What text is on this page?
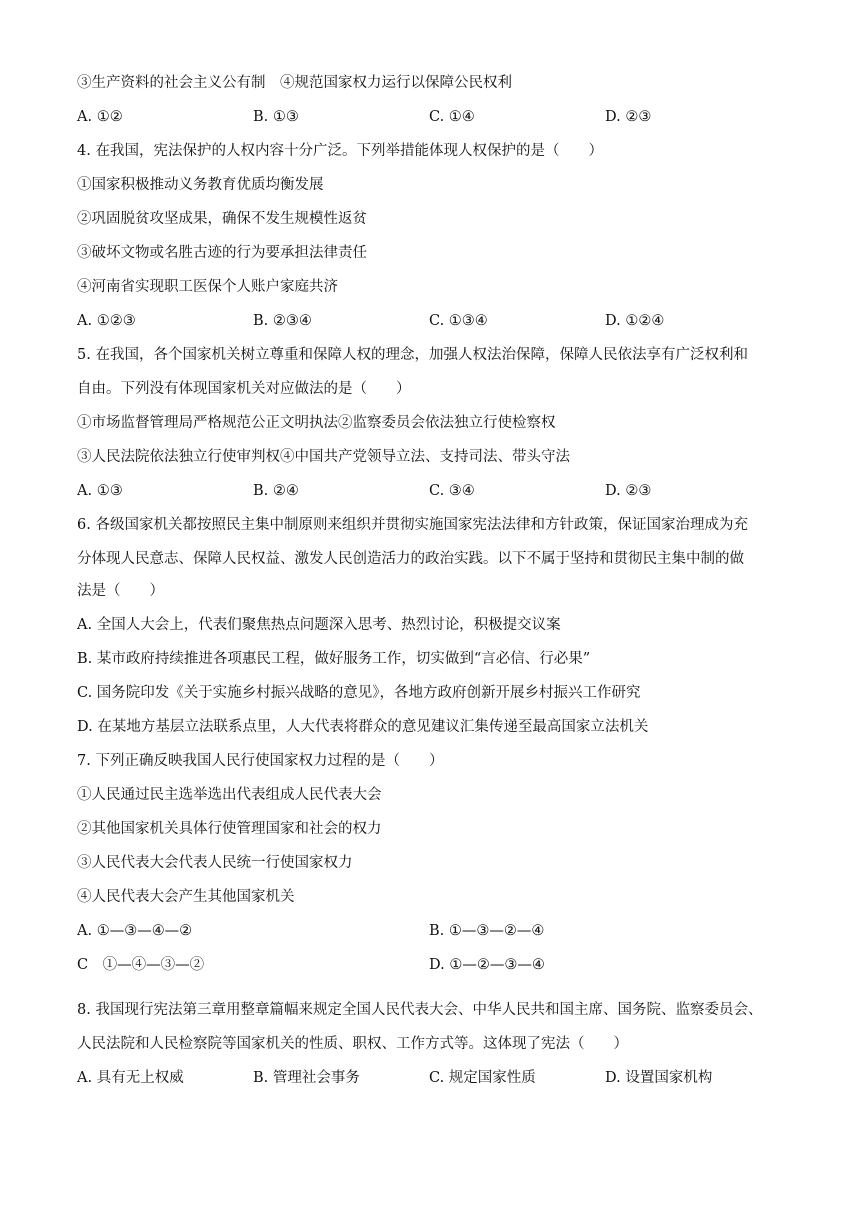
③生产资料的社会主义公有制　④规范国家权力运行以保障公民权利
A. ①②	B. ①③	C. ①④	D. ②③
4. 在我国，宪法保护的人权内容十分广泛。下列举措能体现人权保护的是（　　）
①国家积极推动义务教育优质均衡发展
②巩固脱贫攻坚成果，确保不发生规模性返贫
③破坏文物或名胜古迹的行为要承担法律责任
④河南省实现职工医保个人账户家庭共济
A. ①②③	B. ②③④	C. ①③④	D. ①②④
5. 在我国，各个国家机关树立尊重和保障人权的理念，加强人权法治保障，保障人民依法享有广泛权利和
自由。下列没有体现国家机关对应做法的是（　　）
①市场监督管理局严格规范公正文明执法②监察委员会依法独立行使检察权
③人民法院依法独立行使审判权④中国共产党领导立法、支持司法、带头守法
A. ①③	B. ②④	C. ③④	D. ②③
6. 各级国家机关都按照民主集中制原则来组织并贯彻实施国家宪法法律和方针政策，保证国家治理成为充
分体现人民意志、保障人民权益、激发人民创造活力的政治实践。以下不属于坚持和贯彻民主集中制的做
法是（　　）
A. 全国人大会上，代表们聚焦热点问题深入思考、热烈讨论，积极提交议案
B. 某市政府持续推进各项惠民工程，做好服务工作，切实做到“言必信、行必果”
C. 国务院印发《关于实施乡村振兴战略的意见》，各地方政府创新开展乡村振兴工作研究
D. 在某地方基层立法联系点里，人大代表将群众的意见建议汇集传递至最高国家立法机关
7. 下列正确反映我国人民行使国家权力过程的是（　　）
①人民通过民主选举选出代表组成人民代表大会
②其他国家机关具体行使管理国家和社会的权力
③人民代表大会代表人民统一行使国家权力
④人民代表大会产生其他国家机关
A. ①—③—④—②	B. ①—③—②—④
C　①—④—③—②	D. ①—②—③—④
8. 我国现行宪法第三章用整章篇幅来规定全国人民代表大会、中华人民共和国主席、国务院、监察委员会、
人民法院和人民检察院等国家机关的性质、职权、工作方式等。这体现了宪法（　　）
A. 具有无上权威	B. 管理社会事务	C. 规定国家性质	D. 设置国家机构
